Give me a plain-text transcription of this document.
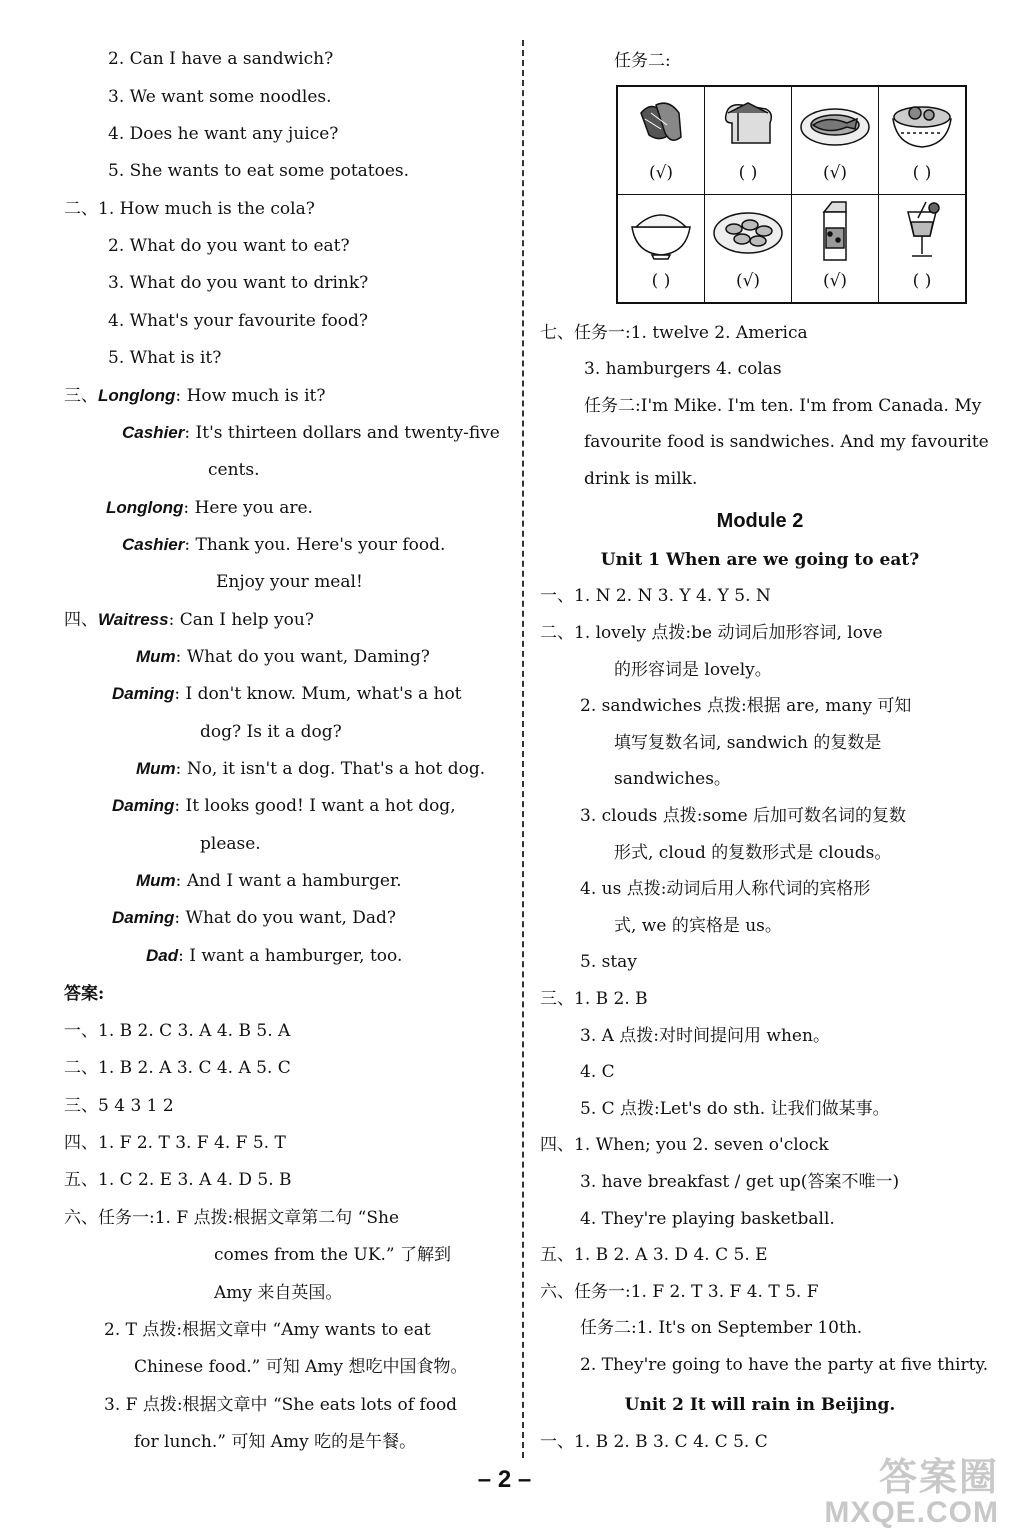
2. Can I have a sandwich?
3. We want some noodles.
4. Does he want any juice?
5. She wants to eat some potatoes.
二、1. How much is the cola?
2. What do you want to eat?
3. What do you want to drink?
4. What's your favourite food?
5. What is it?
三、Longlong: How much is it?
Cashier: It's thirteen dollars and twenty-five
cents.
Longlong: Here you are.
Cashier: Thank you. Here's your food.
Enjoy your meal!
四、Waitress: Can I help you?
Mum: What do you want, Daming?
Daming: I don't know. Mum, what's a hot
dog? Is it a dog?
Mum: No, it isn't a dog. That's a hot dog.
Daming: It looks good! I want a hot dog,
please.
Mum: And I want a hamburger.
Daming: What do you want, Dad?
Dad: I want a hamburger, too.
答案:
一、1. B 2. C 3. A 4. B 5. A
二、1. B 2. A 3. C 4. A 5. C
三、5 4 3 1 2
四、1. F 2. T 3. F 4. F 5. T
五、1. C 2. E 3. A 4. D 5. B
六、任务一:1. F 点拨:根据文章第二句 “She
comes from the UK.” 了解到
Amy 来自英国。
2. T 点拨:根据文章中 “Amy wants to eat
Chinese food.” 可知 Amy 想吃中国食物。
3. F 点拨:根据文章中 “She eats lots of food
for lunch.” 可知 Amy 吃的是午餐。
任务二:
(√)	( )	(√)	( )

( )	(√)	(√)	( )
七、任务一:1. twelve 2. America
3. hamburgers 4. colas
任务二:I'm Mike. I'm ten. I'm from Canada. My
favourite food is sandwiches. And my favourite
drink is milk.
Module 2
Unit 1 When are we going to eat?
一、1. N 2. N 3. Y 4. Y 5. N
二、1. lovely 点拨:be 动词后加形容词, love
的形容词是 lovely。
2. sandwiches 点拨:根据 are, many 可知
填写复数名词, sandwich 的复数是
sandwiches。
3. clouds 点拨:some 后加可数名词的复数
形式, cloud 的复数形式是 clouds。
4. us 点拨:动词后用人称代词的宾格形
式, we 的宾格是 us。
5. stay
三、1. B 2. B
3. A 点拨:对时间提问用 when。
4. C
5. C 点拨:Let's do sth. 让我们做某事。
四、1. When; you 2. seven o'clock
3. have breakfast / get up(答案不唯一)
4. They're playing basketball.
五、1. B 2. A 3. D 4. C 5. E
六、任务一:1. F 2. T 3. F 4. T 5. F
任务二:1. It's on September 10th.
2. They're going to have the party at five thirty.
Unit 2 It will rain in Beijing.
一、1. B 2. B 3. C 4. C 5. C
– 2 –	答案圈
MXQE.COM
